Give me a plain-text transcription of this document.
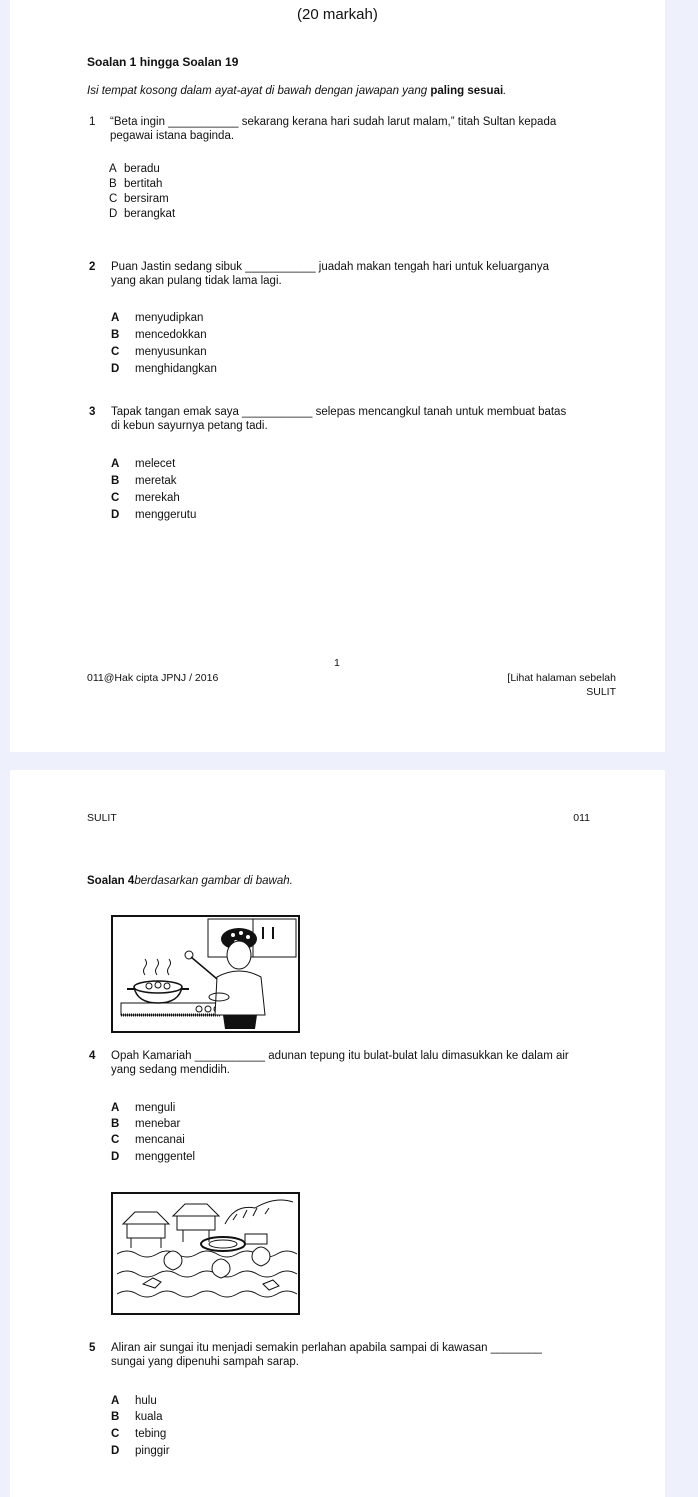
(20 markah)
Soalan 1 hingga Soalan 19
Isi tempat kosong dalam ayat-ayat di bawah dengan jawapan yang paling sesuai.
1 “Beta ingin ___________ sekarang kerana hari sudah larut malam,” titah Sultan kepada
pegawai istana baginda.
A beradu
B bertitah
C bersiram
D berangkat
2 Puan Jastin sedang sibuk ___________ juadah makan tengah hari untuk keluarganya
yang akan pulang tidak lama lagi.
A menyudipkan
B mencedokkan
C menyusunkan
D menghidangkan
3 Tapak tangan emak saya ___________ selepas mencangkul tanah untuk membuat batas
di kebun sayurnya petang tadi.
A melecet
B meretak
C merekah
D menggerutu
1
011@Hak cipta JPNJ / 2016	[Lihat halaman sebelah
SULIT
SULIT	011
Soalan 4berdasarkan gambar di bawah.
4 Opah Kamariah ___________ adunan tepung itu bulat-bulat lalu dimasukkan ke dalam air
yang sedang mendidih.
A menguli
B menebar
C mencanai
D menggentel
5 Aliran air sungai itu menjadi semakin perlahan apabila sampai di kawasan ________
sungai yang dipenuhi sampah sarap.
A hulu
B kuala
C tebing
D pinggir
